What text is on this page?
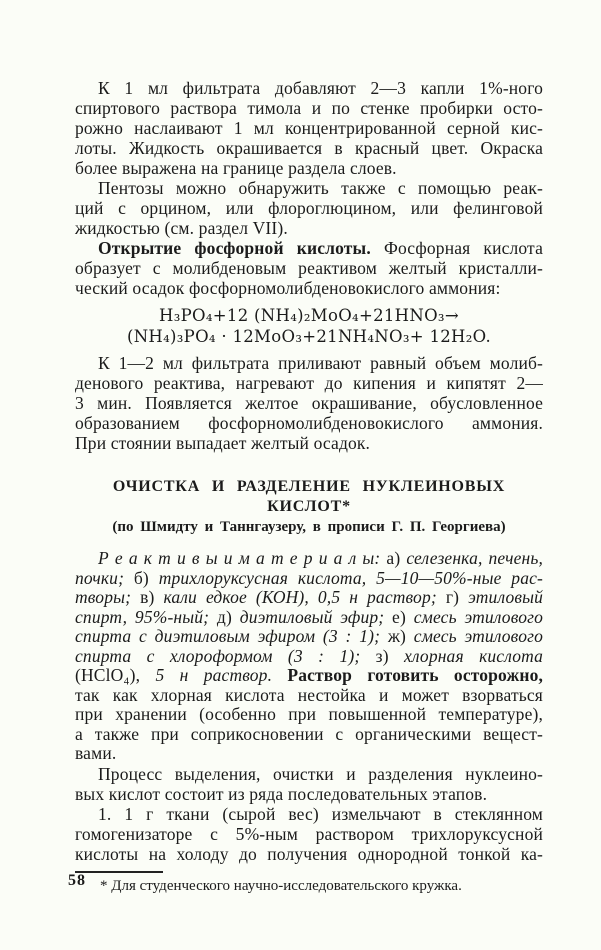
К 1 мл фильтрата добавляют 2—3 капли 1%-ного
спиртового раствора тимола и по стенке пробирки осто-
рожно наслаивают 1 мл концентрированной серной кис-
лоты. Жидкость окрашивается в красный цвет. Окраска
более выражена на границе раздела слоев.
Пентозы можно обнаружить также с помощью реак-
ций с орцином, или флороглюцином, или фелинговой
жидкостью (см. раздел VII).
Открытие фосфорной кислоты. Фосфорная кислота
образует с молибденовым реактивом желтый кристалли-
ческий осадок фосфорномолибденовокислого аммония:
H₃PO₄+12 (NH₄)₂MoO₄+21HNO₃→
(NH₄)₃PO₄ · 12MoO₃+21NH₄NO₃+ 12H₂O.
К 1—2 мл фильтрата приливают равный объем молиб-
денового реактива, нагревают до кипения и кипятят 2—
3 мин. Появляется желтое окрашивание, обусловленное
образованием фосфорномолибденовокислого аммония.
При стоянии выпадает желтый осадок.
ОЧИСТКА И РАЗДЕЛЕНИЕ НУКЛЕИНОВЫХ КИСЛОТ*
(по Шмидту и Таннгаузеру, в прописи Г. П. Георгиева)
Р е а к т и в ы и м а т е р и а л ы: а) селезенка, печень,
почки; б) трихлоруксусная кислота, 5—10—50%-ные рас-
творы; в) кали едкое (КОН), 0,5 н раствор; г) этиловый
спирт, 95%-ный; д) диэтиловый эфир; е) смесь этилового
спирта с диэтиловым эфиром (3 : 1); ж) смесь этилового
спирта с хлороформом (3 : 1); з) хлорная кислота
(HClO₄), 5 н раствор. Раствор готовить осторожно,
так как хлорная кислота нестойка и может взорваться
при хранении (особенно при повышенной температуре),
а также при соприкосновении с органическими вещест-
вами.
Процесс выделения, очистки и разделения нуклеино-
вых кислот состоит из ряда последовательных этапов.
1. 1 г ткани (сырой вес) измельчают в стеклянном
гомогенизаторе с 5%-ным раствором трихлоруксусной
кислоты на холоду до получения однородной тонкой ка-
* Для студенческого научно-исследовательского кружка.
58
